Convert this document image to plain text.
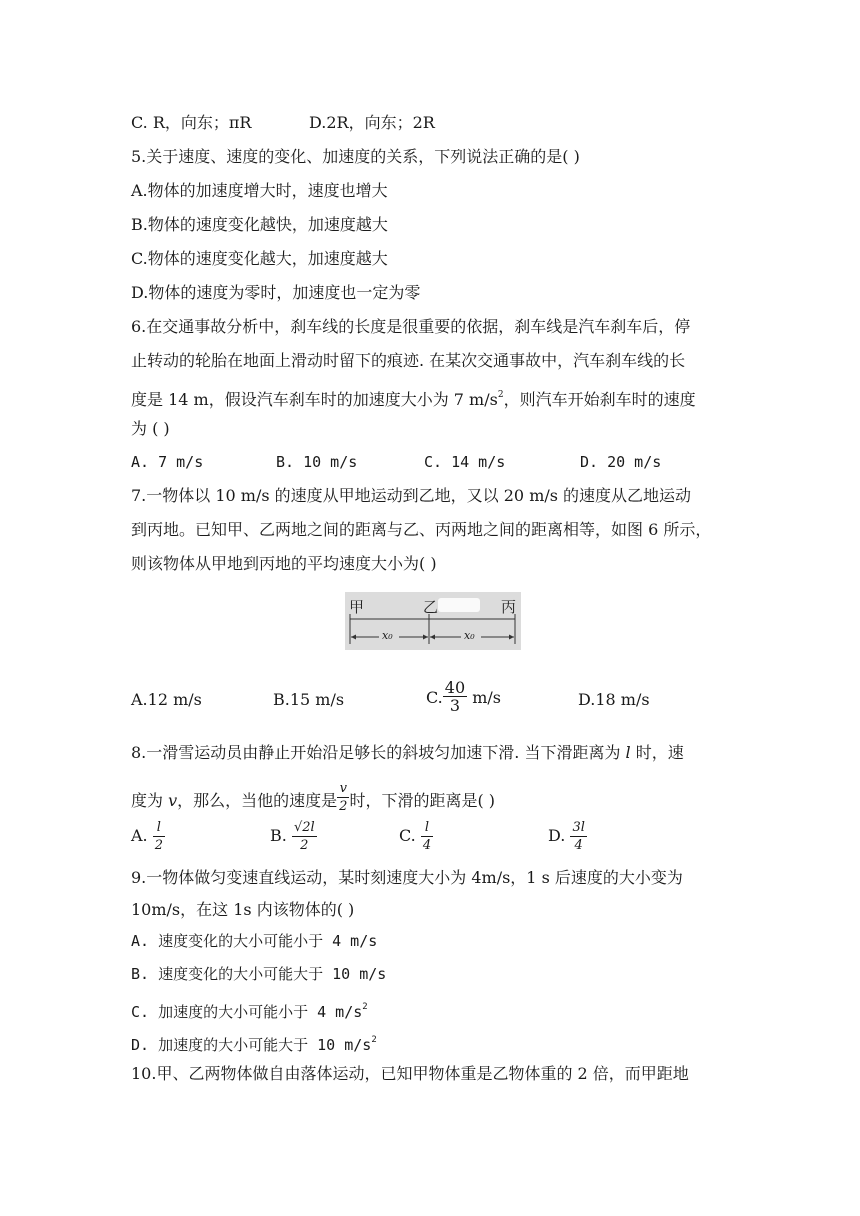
C. R，向东；πR	D.2R，向东；2R
5.关于速度、速度的变化、加速度的关系，下列说法正确的是( )
A.物体的加速度增大时，速度也增大
B.物体的速度变化越快，加速度越大
C.物体的速度变化越大，加速度越大
D.物体的速度为零时，加速度也一定为零
6.在交通事故分析中，刹车线的长度是很重要的依据，刹车线是汽车刹车后，停
止转动的轮胎在地面上滑动时留下的痕迹. 在某次交通事故中，汽车刹车线的长
度是 14 m，假设汽车刹车时的加速度大小为 7 $m/s^2$，则汽车开始刹车时的速度
为 ( )
A. 7 m/s	B. 10 m/s	C. 14 m/s	D. 20 m/s
7.一物体以 10 m/s 的速度从甲地运动到乙地，又以 20 m/s 的速度从乙地运动
到丙地。已知甲、乙两地之间的距离与乙、丙两地之间的距离相等，如图 6 所示，
则该物体从甲地到丙地的平均速度大小为( )
甲	乙	丙
x₀	x₀
A.12 m/s	B.15 m/s	C. $\frac{40}{3} m/s$	D.18 m/s
8.一滑雪运动员由静止开始沿足够长的斜坡匀加速下滑. 当下滑距离为 l 时，速
度为 v，那么，当他的速度是 $\frac{v}{2}$ 时，下滑的距离是( )
A. $\frac{l}{2}$	B. $\frac{√2l}{2}$	C. $\frac{l}{4}$	D. $\frac{3l}{4}$
9.一物体做匀变速直线运动，某时刻速度大小为 4m/s，1 s 后速度的大小变为
10m/s，在这 1s 内该物体的( )
A. 速度变化的大小可能小于 4 m/s
B. 速度变化的大小可能大于 10 m/s
C. 加速度的大小可能小于 4 $m/s^2$
D. 加速度的大小可能大于 10 $m/s^2$
10.甲、乙两物体做自由落体运动，已知甲物体重是乙物体重的 2 倍，而甲距地
